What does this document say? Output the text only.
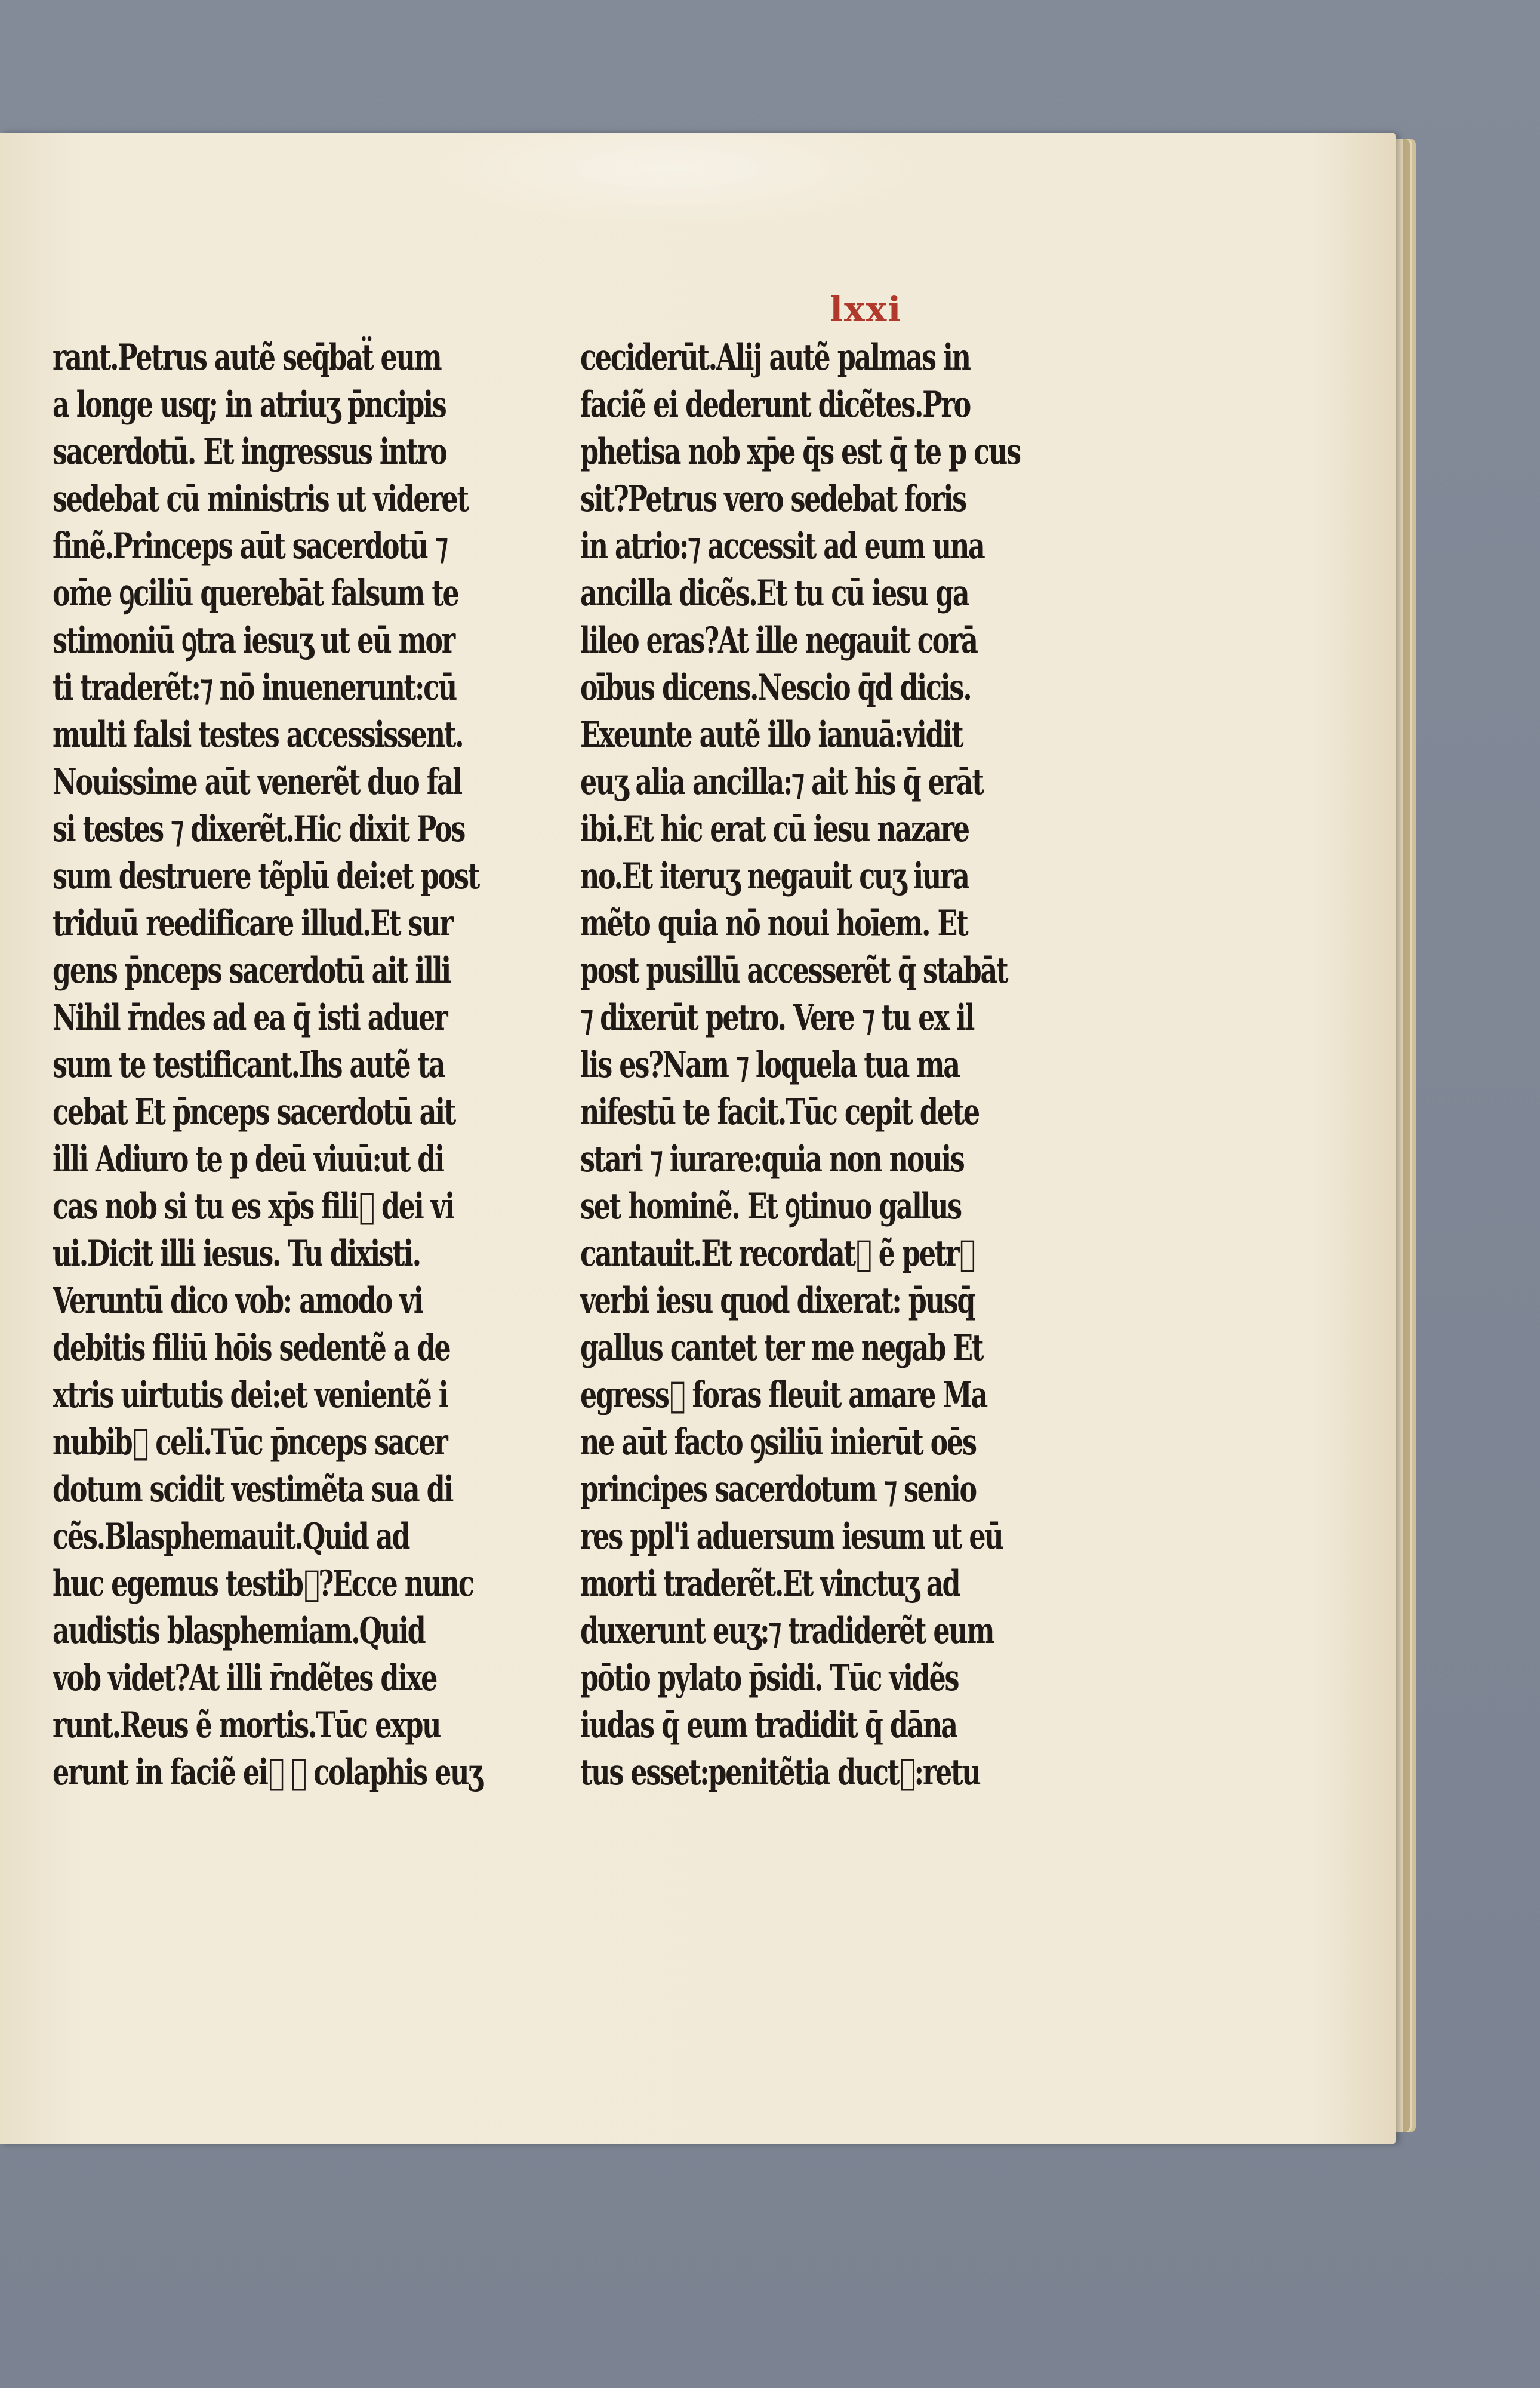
lxxi
rant.Petrus autẽ seq̄baẗ eum
a longe usq; in atriuʒ p̄ncipis
sacerdotū. Et ingressus intro
sedebat cū ministris ut videret
finẽ.Princeps aūt sacerdotū ⁊
om̄e ꝯciliū querebāt falsum te
stimoniū ꝯtra iesuʒ ut eū mor
ti traderẽt:⁊ nō inuenerunt:cū
multi falsi testes accessissent.
Nouissime aūt venerẽt duo fal
si testes ⁊ dixerẽt.Hic dixit Pos
sum destruere tẽplū dei:et post
triduū reedificare illud.Et sur
gens p̄nceps sacerdotū ait illi
Nihil r̄ndes ad ea q̄ isti aduer
sum te testificant.Ihs autẽ ta
cebat Et p̄nceps sacerdotū ait
illi Adiuro te p deū viuū:ut di
cas nob si tu es xp̄s fili᷒ dei vi
ui.Dicit illi iesus. Tu dixisti.
Veruntū dico vob: amodo vi
debitis filiū hōis sedentẽ a de
xtris uirtutis dei:et venientẽ i
nubib᷒ celi.Tūc p̄nceps sacer
dotum scidit vestimẽta sua di
cẽs.Blasphemauit.Quid ad
huc egemus testib᷒?Ecce nunc
audistis blasphemiam.Quid
vob videt?At illi r̄ndẽtes dixe
runt.Reus ẽ mortis.Tūc expu
erunt in faciẽ ei᷒ ⁊ colaphis euʒ
ceciderūt.Alij autẽ palmas in
faciẽ ei dederunt dicẽtes.Pro
phetisa nob xp̄e q̄s est q̄ te p cus
sit?Petrus vero sedebat foris
in atrio:⁊ accessit ad eum una
ancilla dicẽs.Et tu cū iesu ga
lileo eras?At ille negauit corā
oībus dicens.Nescio q̄d dicis.
Exeunte autẽ illo ianuā:vidit
euʒ alia ancilla:⁊ ait his q̄ erāt
ibi.Et hic erat cū iesu nazare
no.Et iteruʒ negauit cuʒ iura
mẽto quia nō noui hoīem. Et
post pusillū accesserẽt q̄ stabāt
⁊ dixerūt petro. Vere ⁊ tu ex il
lis es?Nam ⁊ loquela tua ma
nifestū te facit.Tūc cepit dete
stari ⁊ iurare:quia non nouis
set hominẽ. Et ꝯtinuo gallus
cantauit.Et recordat᷒ ẽ petr᷒
verbi iesu quod dixerat: p̄usq̄
gallus cantet ter me negab Et
egress᷒ foras fleuit amare Ma
ne aūt facto ꝯsiliū inierūt oēs
principes sacerdotum ⁊ senio
res ppl'i aduersum iesum ut eū
morti traderẽt.Et vinctuʒ ad
duxerunt euʒ:⁊ tradiderẽt eum
pōtio pylato p̄sidi. Tūc vidẽs
iudas q̄ eum tradidit q̄ dāna
tus esset:penitẽtia duct᷒:retu
